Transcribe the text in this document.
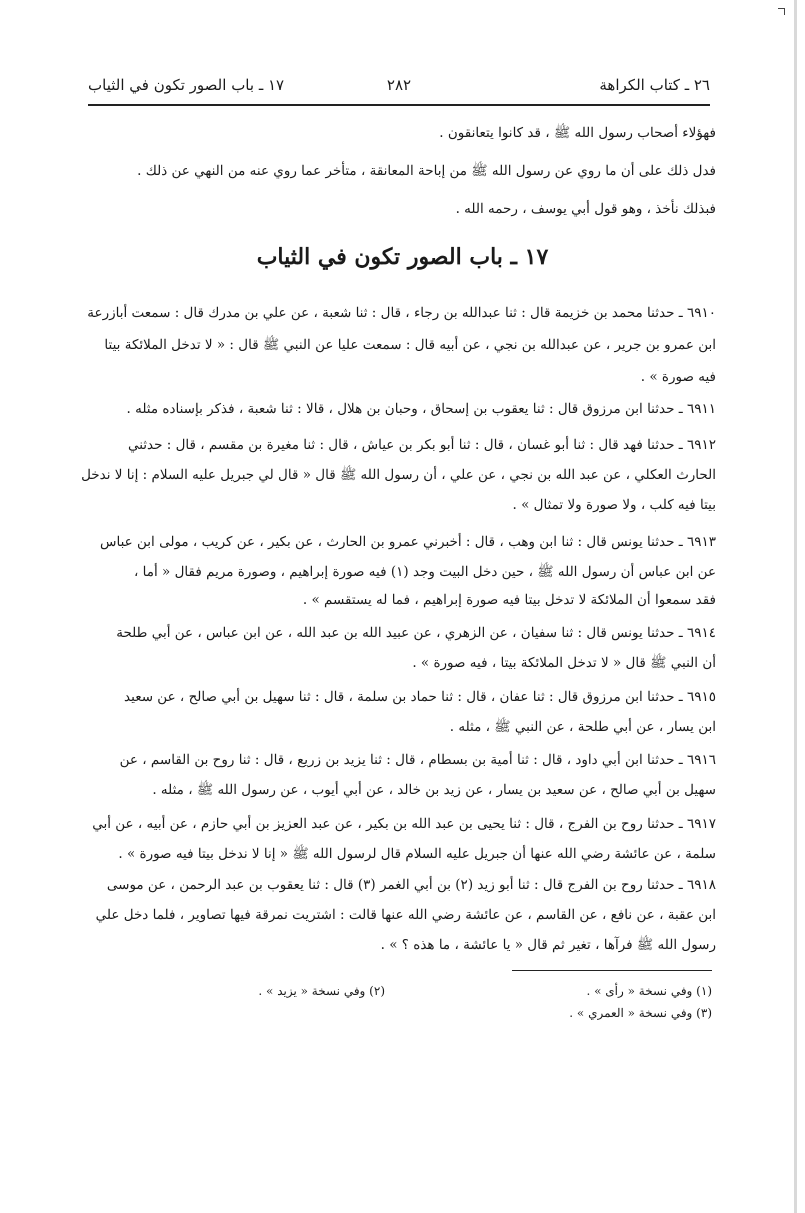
٢٦ ـ كتاب الكراهة
٢٨٢
١٧ ـ باب الصور تكون في الثياب
فهؤلاء أصحاب رسول الله ﷺ ، قد كانوا يتعانقون .
فدل ذلك على أن ما روي عن رسول الله ﷺ من إباحة المعانقة ، متأخر عما روي عنه من النهي عن ذلك .
فبذلك نأخذ ، وهو قول أبي يوسف ، رحمه الله .
١٧ ـ باب الصور تكون في الثياب
٦٩١٠ ـ حدثنا محمد بن خزيمة قال : ثنا عبدالله بن رجاء ، قال : ثنا شعبة ، عن علي بن مدرك قال : سمعت أبازرعة
ابن عمرو بن جرير ، عن عبدالله بن نجي ، عن أبيه قال : سمعت عليا عن النبي ﷺ قال : « لا تدخل الملائكة بيتا
فيه صورة » .
٦٩١١ ـ حدثنا ابن مرزوق قال : ثنا يعقوب بن إسحاق ، وحبان بن هلال ، قالا : ثنا شعبة ، فذكر بإسناده مثله .
٦٩١٢ ـ حدثنا فهد قال : ثنا أبو غسان ، قال : ثنا أبو بكر بن عياش ، قال : ثنا مغيرة بن مقسم ، قال : حدثني
الحارث العكلي ، عن عبد الله بن نجي ، عن علي ، أن رسول الله ﷺ قال « قال لي جبريل عليه السلام : إنا لا ندخل
بيتا فيه كلب ، ولا صورة ولا تمثال » .
٦٩١٣ ـ حدثنا يونس قال : ثنا ابن وهب ، قال : أخبرني عمرو بن الحارث ، عن بكير ، عن كريب ، مولى ابن عباس
عن ابن عباس أن رسول الله ﷺ ، حين دخل البيت وجد (١) فيه صورة إبراهيم ، وصورة مريم فقال « أما ،
فقد سمعوا أن الملائكة لا تدخل بيتا فيه صورة إبراهيم ، فما له يستقسم » .
٦٩١٤ ـ حدثنا يونس قال : ثنا سفيان ، عن الزهري ، عن عبيد الله بن عبد الله ، عن ابن عباس ، عن أبي طلحة
أن النبي ﷺ قال « لا تدخل الملائكة بيتا ، فيه صورة » .
٦٩١٥ ـ حدثنا ابن مرزوق قال : ثنا عفان ، قال : ثنا حماد بن سلمة ، قال : ثنا سهيل بن أبي صالح ، عن سعيد
ابن يسار ، عن أبي طلحة ، عن النبي ﷺ ، مثله .
٦٩١٦ ـ حدثنا ابن أبي داود ، قال : ثنا أمية بن بسطام ، قال : ثنا يزيد بن زريع ، قال : ثنا روح بن القاسم ، عن
سهيل بن أبي صالح ، عن سعيد بن يسار ، عن زيد بن خالد ، عن أبي أيوب ، عن رسول الله ﷺ ، مثله .
٦٩١٧ ـ حدثنا روح بن الفرج ، قال : ثنا يحيى بن عبد الله بن بكير ، عن عبد العزيز بن أبي حازم ، عن أبيه ، عن أبي
سلمة ، عن عائشة رضي الله عنها أن جبريل عليه السلام قال لرسول الله ﷺ « إنا لا ندخل بيتا فيه صورة » .
٦٩١٨ ـ حدثنا روح بن الفرج قال : ثنا أبو زيد (٢) بن أبي الغمر (٣) قال : ثنا يعقوب بن عبد الرحمن ، عن موسى
ابن عقبة ، عن نافع ، عن القاسم ، عن عائشة رضي الله عنها قالت : اشتريت نمرقة فيها تصاوير ، فلما دخل علي
رسول الله ﷺ فرآها ، تغير ثم قال « يا عائشة ، ما هذه ؟ » .
(١) وفي نسخة « رأى » .
(٣) وفي نسخة « العمري » .
(٢) وفي نسخة « يزيد » .
